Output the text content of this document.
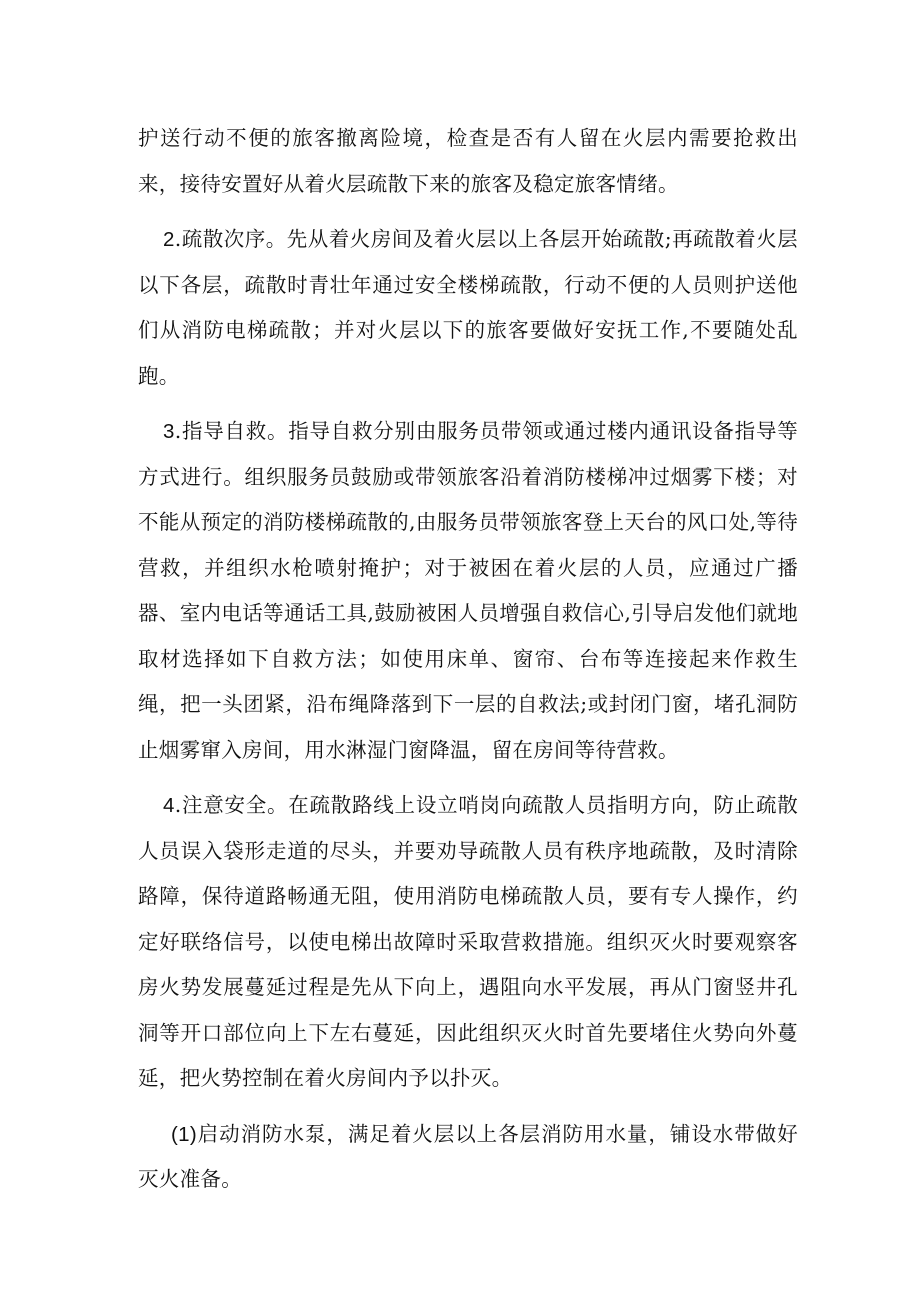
护送行动不便的旅客撤离险境，检查是否有人留在火层内需要抢救出来，接待安置好从着火层疏散下来的旅客及稳定旅客情绪。

2.疏散次序。先从着火房间及着火层以上各层开始疏散;再疏散着火层以下各层，疏散时青壮年通过安全楼梯疏散，行动不便的人员则护送他们从消防电梯疏散；并对火层以下的旅客要做好安抚工作,不要随处乱跑。

3.指导自救。指导自救分别由服务员带领或通过楼内通讯设备指导等方式进行。组织服务员鼓励或带领旅客沿着消防楼梯冲过烟雾下楼；对不能从预定的消防楼梯疏散的,由服务员带领旅客登上天台的风口处,等待营救，并组织水枪喷射掩护；对于被困在着火层的人员，应通过广播器、室内电话等通话工具,鼓励被困人员增强自救信心,引导启发他们就地取材选择如下自救方法；如使用床单、窗帘、台布等连接起来作救生绳，把一头团紧，沿布绳降落到下一层的自救法;或封闭门窗，堵孔洞防止烟雾窜入房间，用水淋湿门窗降温，留在房间等待营救。

4.注意安全。在疏散路线上设立哨岗向疏散人员指明方向，防止疏散人员误入袋形走道的尽头，并要劝导疏散人员有秩序地疏散，及时清除路障，保待道路畅通无阻，使用消防电梯疏散人员，要有专人操作，约定好联络信号，以使电梯出故障时采取营救措施。组织灭火时要观察客房火势发展蔓延过程是先从下向上，遇阻向水平发展，再从门窗竖井孔洞等开口部位向上下左右蔓延，因此组织灭火时首先要堵住火势向外蔓延，把火势控制在着火房间内予以扑灭。

(1)启动消防水泵，满足着火层以上各层消防用水量，铺设水带做好灭火准备。
